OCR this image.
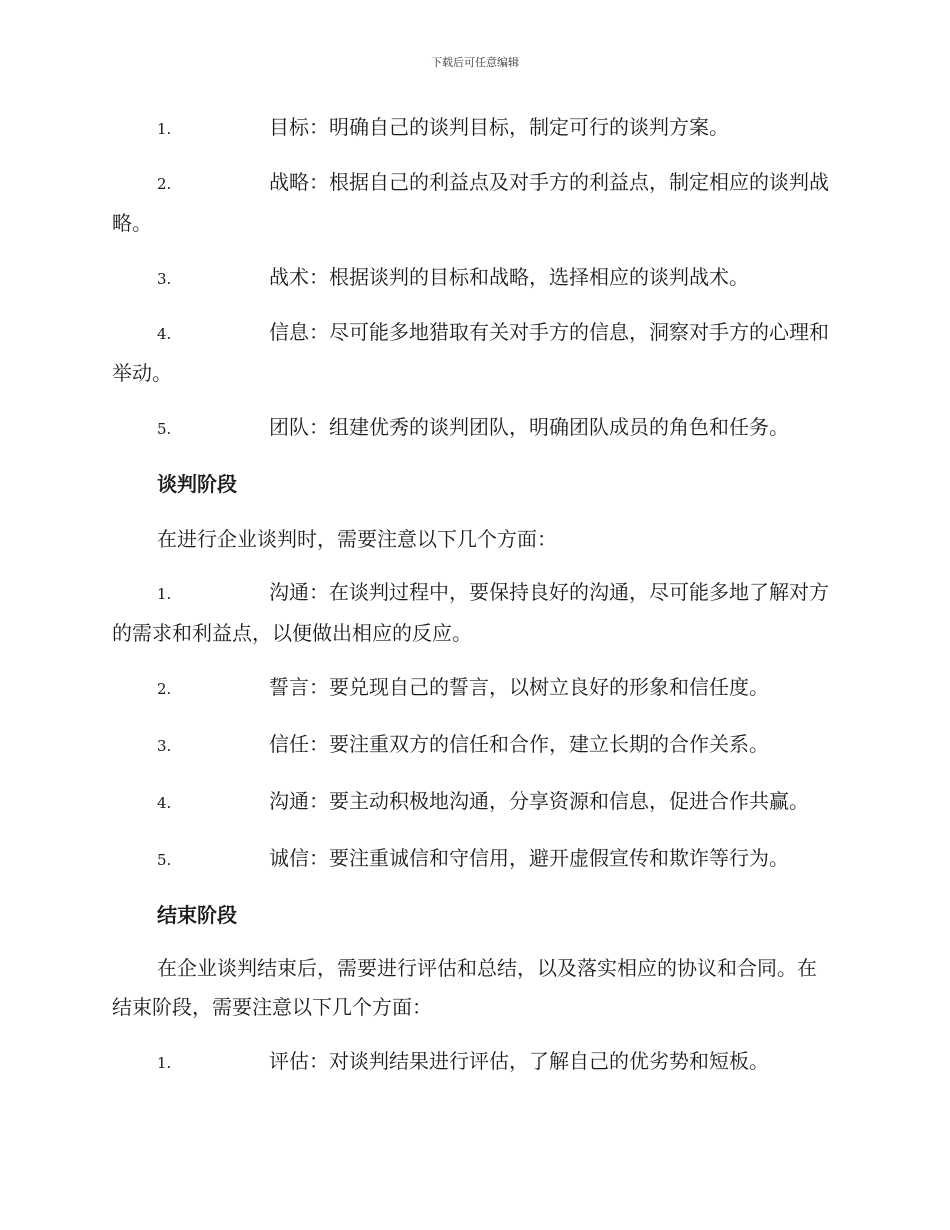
下载后可任意编辑
1.	目标：明确自己的谈判目标，制定可行的谈判方案。
2.	战略：根据自己的利益点及对手方的利益点，制定相应的谈判战略。
3.	战术：根据谈判的目标和战略，选择相应的谈判战术。
4.	信息：尽可能多地猎取有关对手方的信息，洞察对手方的心理和举动。
5.	团队：组建优秀的谈判团队，明确团队成员的角色和任务。
谈判阶段
在进行企业谈判时，需要注意以下几个方面：
1.	沟通：在谈判过程中，要保持良好的沟通，尽可能多地了解对方的需求和利益点，以便做出相应的反应。
2.	誓言：要兑现自己的誓言，以树立良好的形象和信任度。
3.	信任：要注重双方的信任和合作，建立长期的合作关系。
4.	沟通：要主动积极地沟通，分享资源和信息，促进合作共赢。
5.	诚信：要注重诚信和守信用，避开虚假宣传和欺诈等行为。
结束阶段
在企业谈判结束后，需要进行评估和总结，以及落实相应的协议和合同。在结束阶段，需要注意以下几个方面：
1.	评估：对谈判结果进行评估，了解自己的优劣势和短板。
